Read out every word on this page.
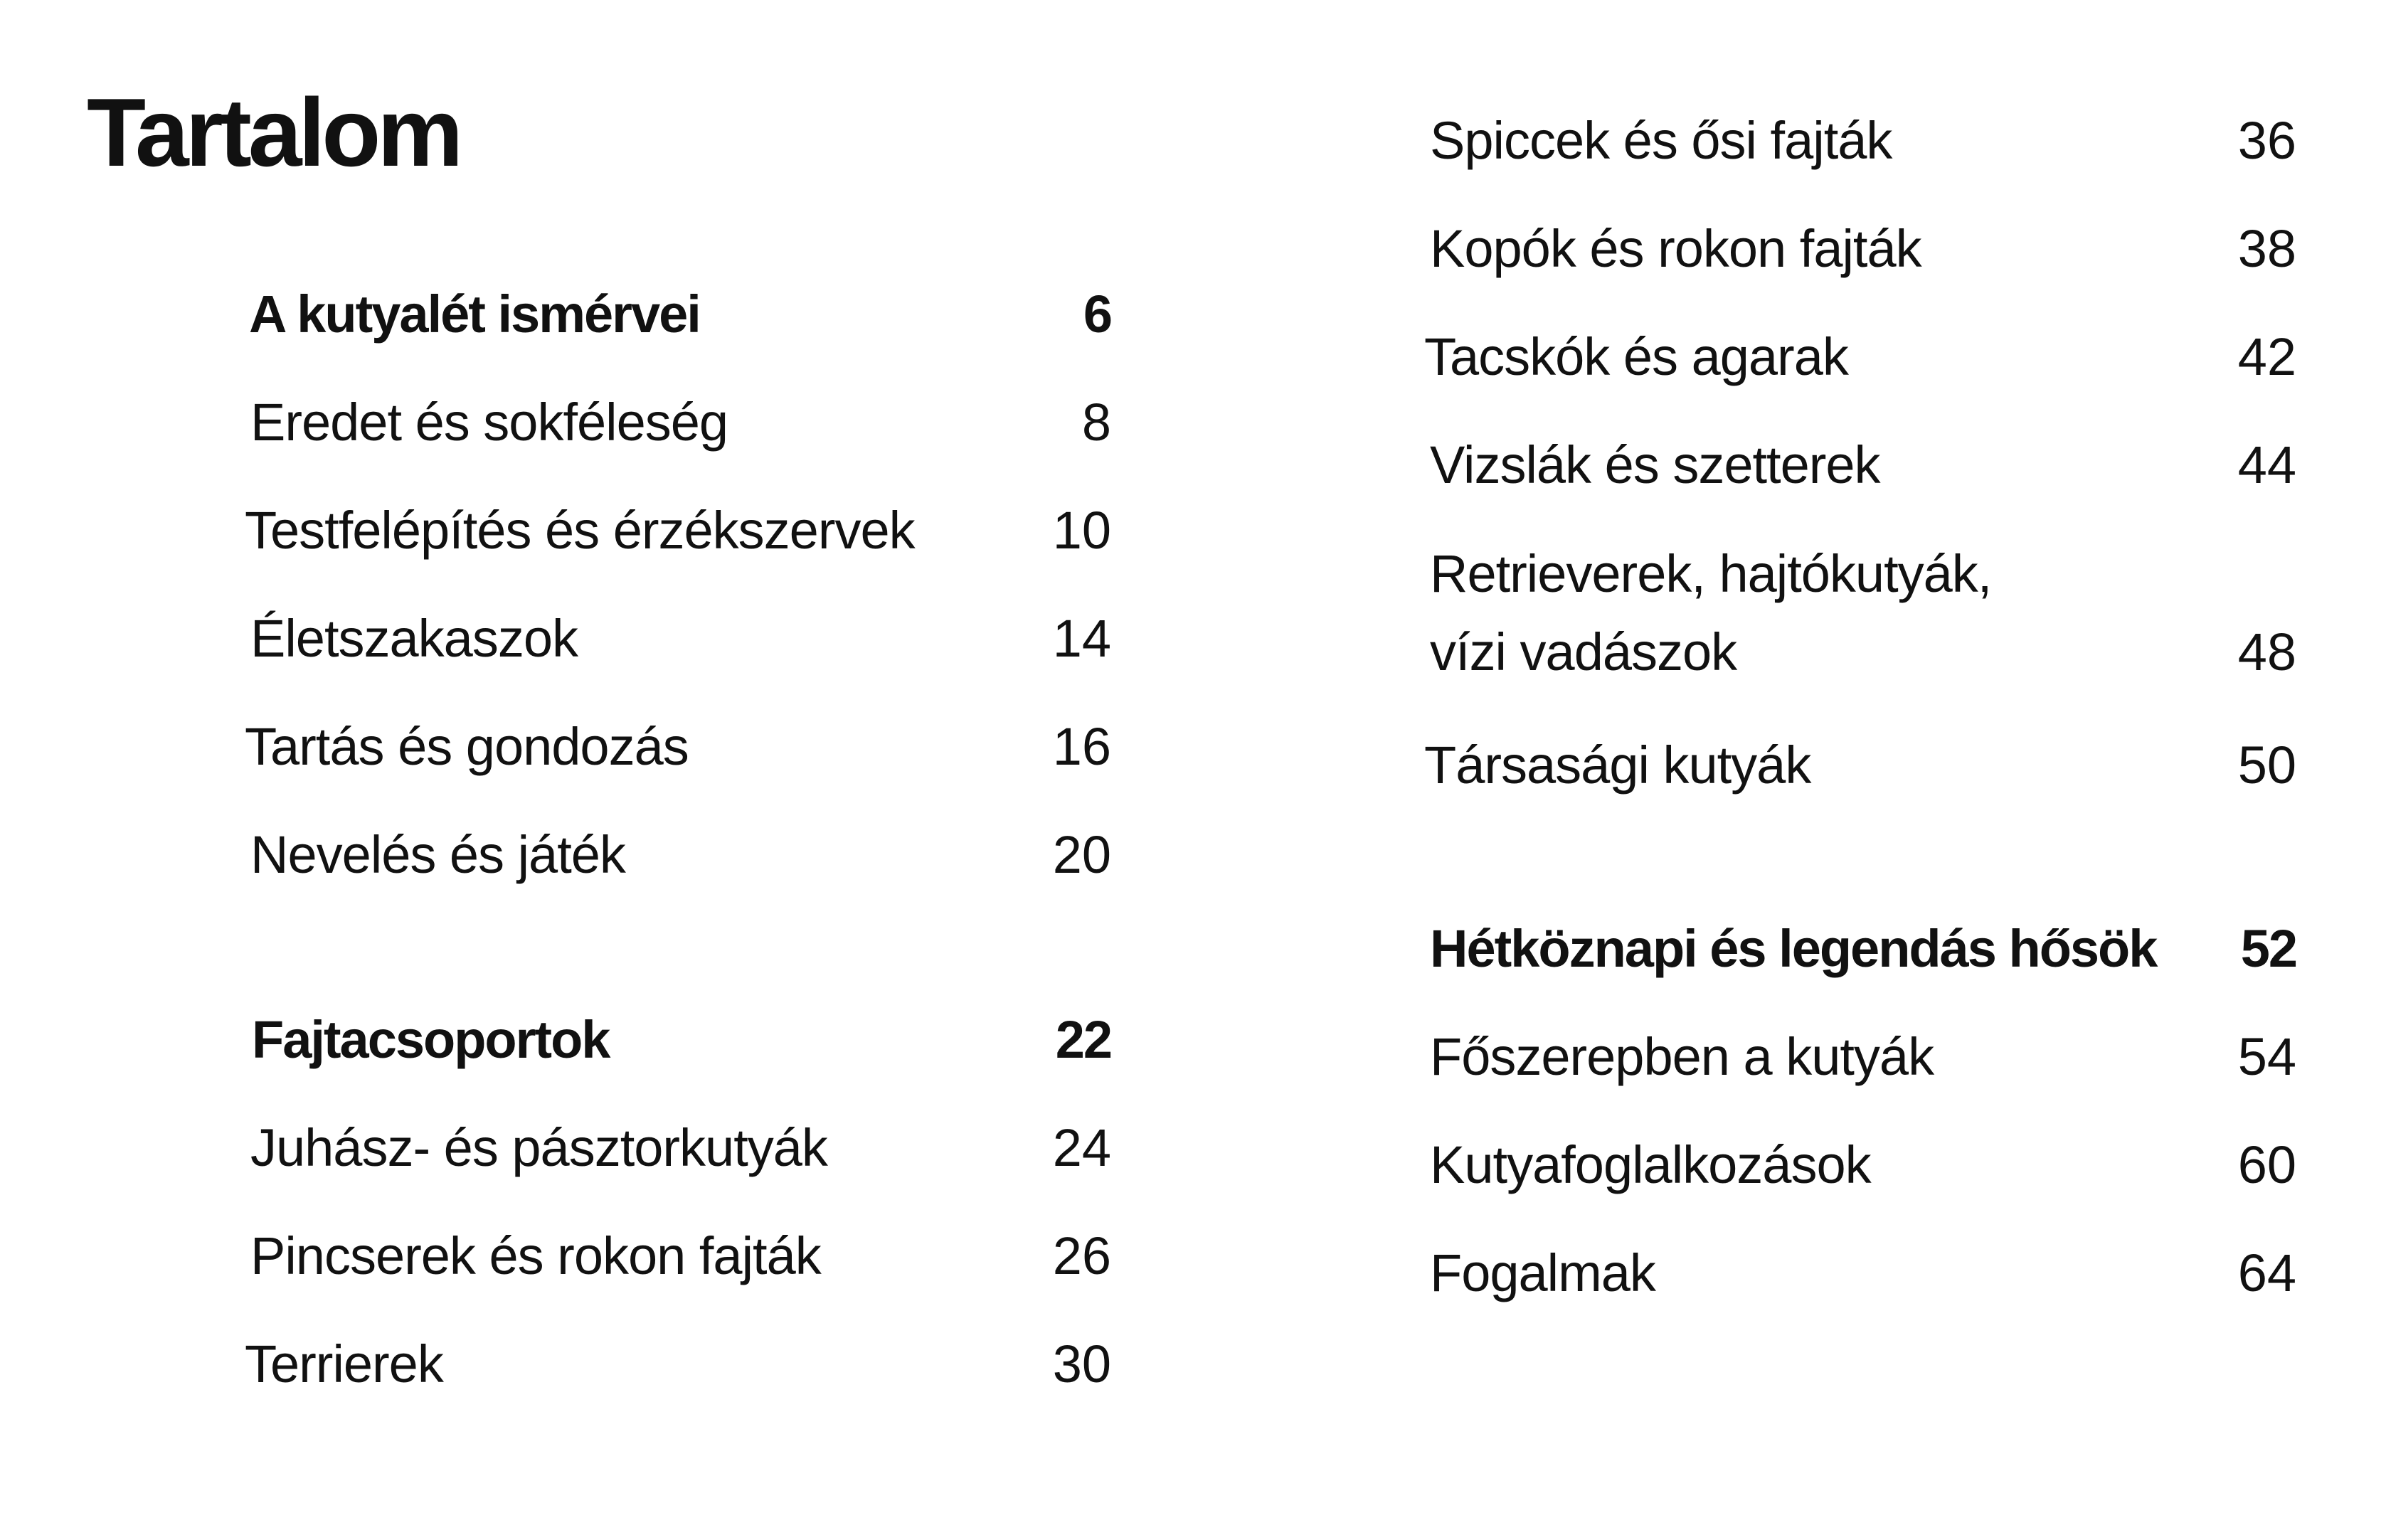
Tartalom
A kutyalét ismérvei	6
Eredet és sokféleség	8
Testfelépítés és érzékszervek	10
Életszakaszok	14
Tartás és gondozás	16
Nevelés és játék	20
Fajtacsoportok	22
Juhász- és pásztorkutyák	24
Pincserek és rokon fajták	26
Terrierek	30
Spiccek és ősi fajták	36
Kopók és rokon fajták	38
Tacskók és agarak	42
Vizslák és szetterek	44
Retrieverek, hajtókutyák,
vízi vadászok	48
Társasági kutyák	50
Hétköznapi és legendás hősök 52
Főszerepben a kutyák	54
Kutyafoglalkozások	60
Fogalmak	64
